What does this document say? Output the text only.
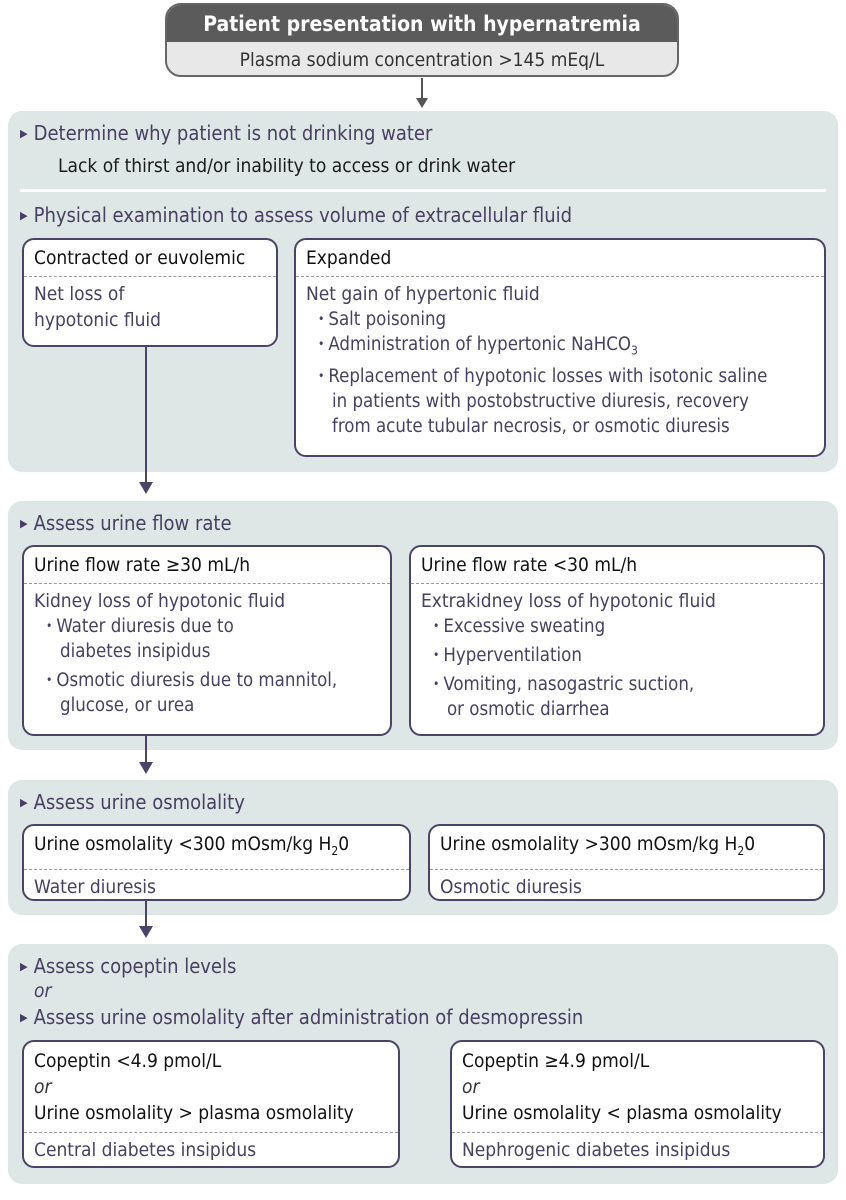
Patient presentation with hypernatremia
Plasma sodium concentration >145 mEq/L
▶ Determine why patient is not drinking water
Lack of thirst and/or inability to access or drink water
▶ Physical examination to assess volume of extracellular fluid
Contracted or euvolemic
Net loss of
hypotonic fluid
Expanded
Net gain of hypertonic fluid
• Salt poisoning
• Administration of hypertonic NaHCO$_3$
• Replacement of hypotonic losses with isotonic saline
in patients with postobstructive diuresis, recovery
from acute tubular necrosis, or osmotic diuresis
▶ Assess urine flow rate
Urine flow rate ≥30 mL/h
Kidney loss of hypotonic fluid
• Water diuresis due to
diabetes insipidus
• Osmotic diuresis due to mannitol,
glucose, or urea
Urine flow rate <30 mL/h
Extrakidney loss of hypotonic fluid
• Excessive sweating
• Hyperventilation
• Vomiting, nasogastric suction,
or osmotic diarrhea
▶ Assess urine osmolality
Urine osmolality <300 mOsm/kg $H_20$
Water diuresis
Urine osmolality >300 mOsm/kg $H_20$
Osmotic diuresis
▶ Assess copeptin levels
or
▶ Assess urine osmolality after administration of desmopressin
Copeptin <4.9 pmol/L
or
Urine osmolality > plasma osmolality
Central diabetes insipidus
Copeptin ≥4.9 pmol/L
or
Urine osmolality < plasma osmolality
Nephrogenic diabetes insipidus
